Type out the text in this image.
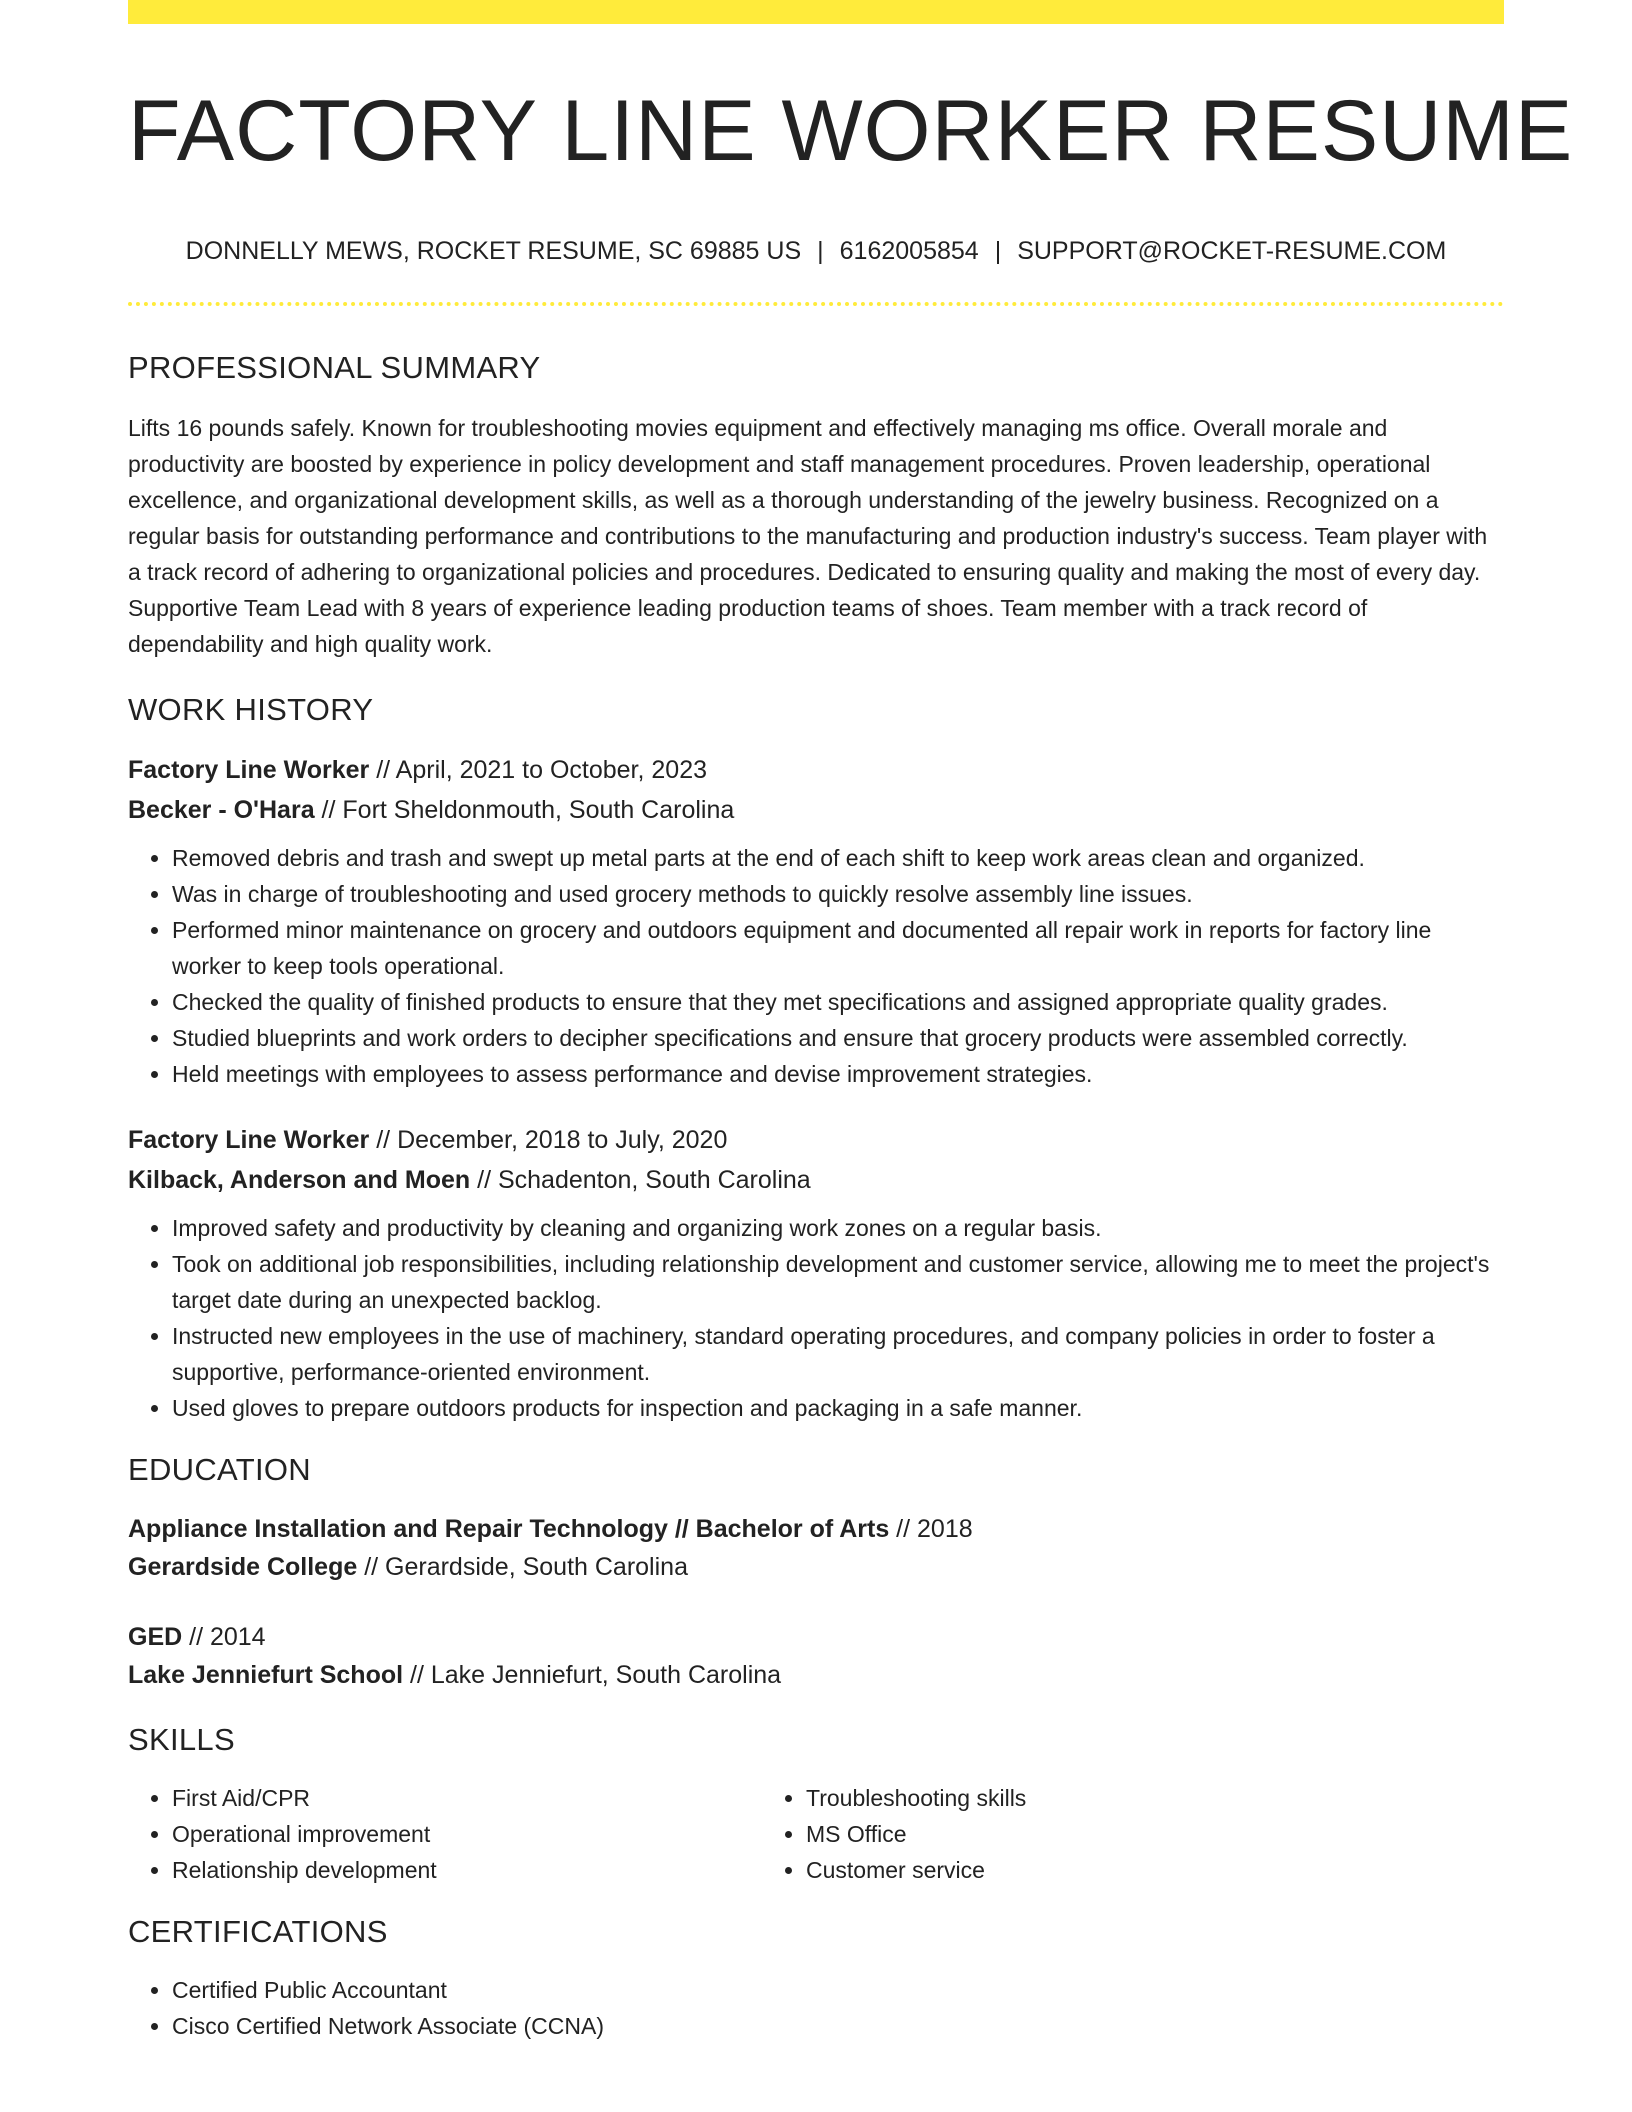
FACTORY LINE WORKER RESUME
DONNELLY MEWS, ROCKET RESUME, SC 69885 US | 6162005854 | SUPPORT@ROCKET-RESUME.COM
PROFESSIONAL SUMMARY
Lifts 16 pounds safely. Known for troubleshooting movies equipment and effectively managing ms office. Overall morale and productivity are boosted by experience in policy development and staff management procedures. Proven leadership, operational excellence, and organizational development skills, as well as a thorough understanding of the jewelry business. Recognized on a regular basis for outstanding performance and contributions to the manufacturing and production industry's success. Team player with a track record of adhering to organizational policies and procedures. Dedicated to ensuring quality and making the most of every day. Supportive Team Lead with 8 years of experience leading production teams of shoes. Team member with a track record of dependability and high quality work.
WORK HISTORY
Factory Line Worker // April, 2021 to October, 2023
Becker - O'Hara // Fort Sheldonmouth, South Carolina
• Removed debris and trash and swept up metal parts at the end of each shift to keep work areas clean and organized.
• Was in charge of troubleshooting and used grocery methods to quickly resolve assembly line issues.
• Performed minor maintenance on grocery and outdoors equipment and documented all repair work in reports for factory line worker to keep tools operational.
• Checked the quality of finished products to ensure that they met specifications and assigned appropriate quality grades.
• Studied blueprints and work orders to decipher specifications and ensure that grocery products were assembled correctly.
• Held meetings with employees to assess performance and devise improvement strategies.
Factory Line Worker // December, 2018 to July, 2020
Kilback, Anderson and Moen // Schadenton, South Carolina
• Improved safety and productivity by cleaning and organizing work zones on a regular basis.
• Took on additional job responsibilities, including relationship development and customer service, allowing me to meet the project's target date during an unexpected backlog.
• Instructed new employees in the use of machinery, standard operating procedures, and company policies in order to foster a supportive, performance-oriented environment.
• Used gloves to prepare outdoors products for inspection and packaging in a safe manner.
EDUCATION
Appliance Installation and Repair Technology // Bachelor of Arts // 2018
Gerardside College // Gerardside, South Carolina
GED // 2014
Lake Jenniefurt School // Lake Jenniefurt, South Carolina
SKILLS
• First Aid/CPR
• Operational improvement
• Relationship development
• Troubleshooting skills
• MS Office
• Customer service
CERTIFICATIONS
• Certified Public Accountant
• Cisco Certified Network Associate (CCNA)
